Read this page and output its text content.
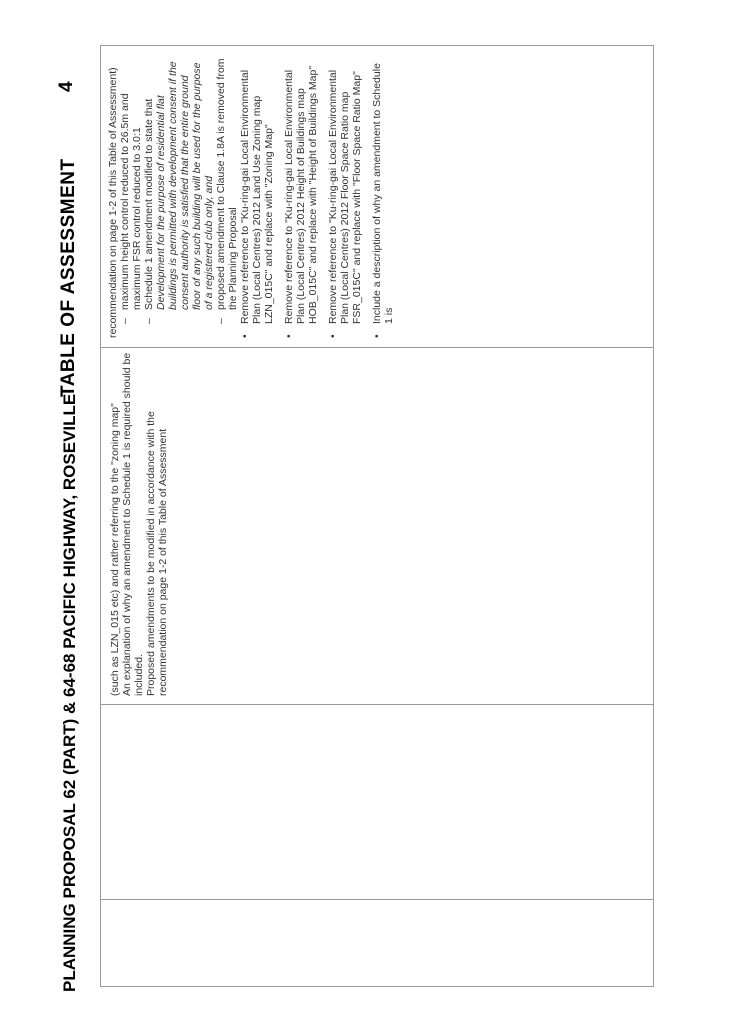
PLANNING PROPOSAL 62 (PART) & 64-68 PACIFIC HIGHWAY, ROSEVILLE
TABLE OF ASSESSMENT
4

(such as LZN_015 etc) and rather referring to the "zoning map" An explanation of why an amendment to Schedule 1 is required should be included. Proposed amendments to be modified in accordance with the recommendation on page 1-2 of this Table of Assessment

recommendation on page 1-2 of this Table of Assessment) – maximum height control reduced to 26.5m and maximum FSR control reduced to 3.0:1 – Schedule 1 amendment modified to state that Development for the purpose of residential flat buildings is permitted with development consent if the consent authority is satisfied that the entire ground floor of any such building will be used for the purpose of a registered club only, and – proposed amendment to Clause 1.8A is removed from the Planning Proposal • Remove reference to "Ku-ring-gai Local Environmental Plan (Local Centres) 2012 Land Use Zoning map LZN_015C" and replace with "Zoning Map" • Remove reference to "Ku-ring-gai Local Environmental Plan (Local Centres) 2012 Height of Buildings map HOB_015C" and replace with "Height of Buildings Map" • Remove reference to "Ku-ring-gai Local Environmental Plan (Local Centres) 2012 Floor Space Ratio map FSR_015C" and replace with "Floor Space Ratio Map" • Include a description of why an amendment to Schedule 1 is
